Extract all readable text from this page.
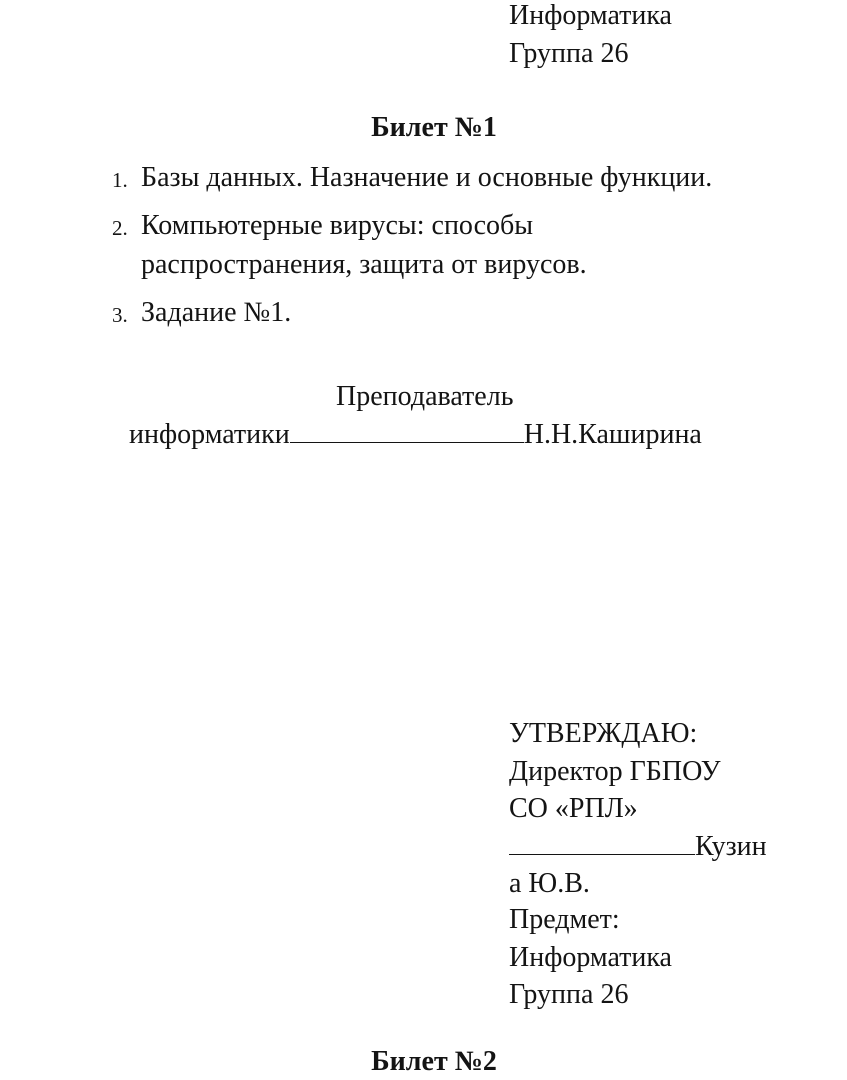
Информатика
Группа 26
Билет №1
1. Базы данных. Назначение и основные функции.
2. Компьютерные вирусы: способы
распространения, защита от вирусов.
3. Задание №1.
Преподаватель
информатики	Н.Н.Каширина
УТВЕРЖДАЮ:
Директор ГБПОУ
СО «РПЛ»
Кузин
а Ю.В.
Предмет:
Информатика
Группа 26
Билет №2
